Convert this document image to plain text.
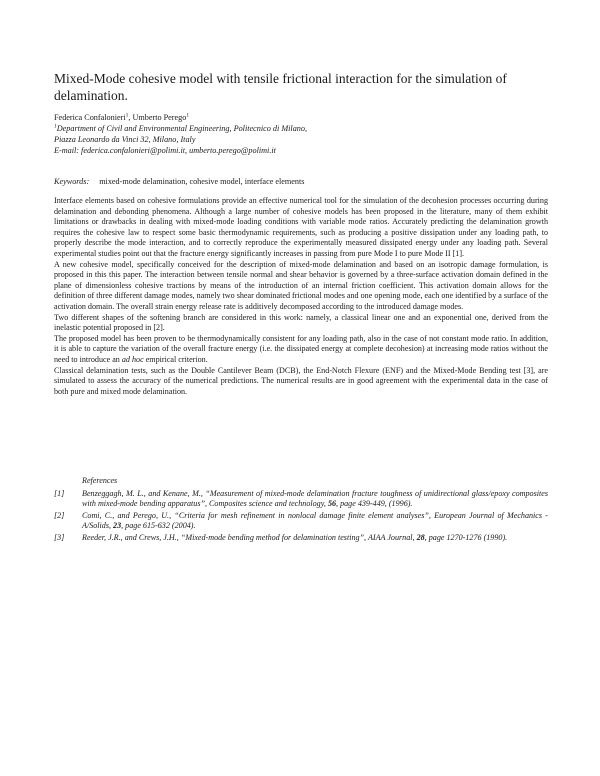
Mixed-Mode cohesive model with tensile frictional interaction for the simulation of delamination.
Federica Confalonieri$^1$, Umberto Perego$^1$
$^1$Department of Civil and Environmental Engineering, Politecnico di Milano,
Piazza Leonardo da Vinci 32, Milano, Italy
E-mail: federica.confalonieri@polimi.it, umberto.perego@polimi.it
Keywords: mixed-mode delamination, cohesive model, interface elements

Interface elements based on cohesive formulations provide an effective numerical tool for the simulation of the decohesion processes occurring during delamination and debonding phenomena. Although a large number of cohesive models has been proposed in the literature, many of them exhibit limitations or drawbacks in dealing with mixed-mode loading conditions with variable mode ratios. Accurately predicting the delamination growth requires the cohesive law to respect some basic thermodynamic requirements, such as producing a positive dissipation under any loading path, to properly describe the mode interaction, and to correctly reproduce the experimentally measured dissipated energy under any loading path. Several experimental studies point out that the fracture energy significantly increases in passing from pure Mode I to pure Mode II [1].

A new cohesive model, specifically conceived for the description of mixed-mode delamination and based on an isotropic damage formulation, is proposed in this this paper. The interaction between tensile normal and shear behavior is governed by a three-surface activation domain defined in the plane of dimensionless cohesive tractions by means of the introduction of an internal friction coefficient. This activation domain allows for the definition of three different damage modes, namely two shear dominated frictional modes and one opening mode, each one identified by a surface of the activation domain. The overall strain energy release rate is additively decomposed according to the introduced damage modes.

Two different shapes of the softening branch are considered in this work: namely, a classical linear one and an exponential one, derived from the inelastic potential proposed in [2].

The proposed model has been proven to be thermodynamically consistent for any loading path, also in the case of not constant mode ratio. In addition, it is able to capture the variation of the overall fracture energy (i.e. the dissipated energy at complete decohesion) at increasing mode ratios without the need to introduce an ad hoc empirical criterion.

Classical delamination tests, such as the Double Cantilever Beam (DCB), the End-Notch Flexure (ENF) and the Mixed-Mode Bending test [3], are simulated to assess the accuracy of the numerical predictions. The numerical results are in good agreement with the experimental data in the case of both pure and mixed mode delamination.

References
[1]	Benzeggagh, M. L., and Kenane, M., “Measurement of mixed-mode delamination fracture toughness of unidirectional glass/epoxy composites with mixed-mode bending apparatus”, Composites science and technology, 56, page 439-449, (1996).
[2]	Comi, C., and Perego, U., “Criteria for mesh refinement in nonlocal damage finite element analyses”, European Journal of Mechanics - A/Solids, 23, page 615-632 (2004).
[3]	Reeder, J.R., and Crews, J.H., “Mixed-mode bending method for delamination testing”, AIAA Journal, 28, page 1270-1276 (1990).
